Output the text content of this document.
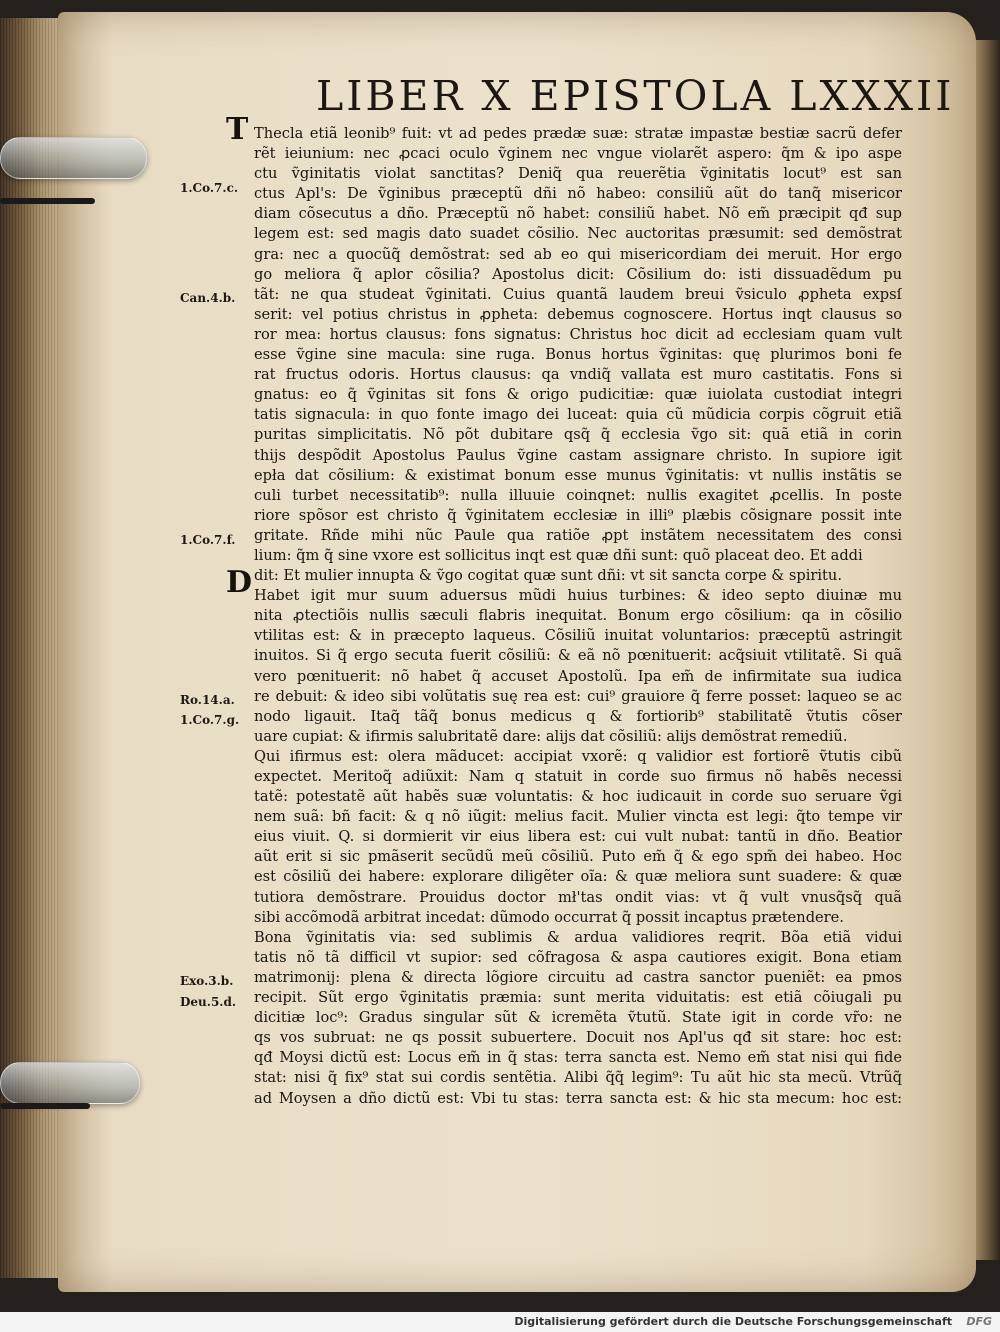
LIBER X EPISTOLA LXXXII
T
D
1.Co.7.c.
Can.4.b.
1.Co.7.f.
Ro.14.a.
1.Co.7.g.
Exo.3.b.
Deu.5.d.
Thecla etiã leonib⁹ fuit: vt ad pedes prædæ suæ: stratæ impastæ bestiæ sacrũ defer
rẽt ieiunium: nec ꝓcaci oculo ṽginem nec vngue violarẽt aspero: q̃m & ipo aspe
ctu ṽginitatis violat sanctitas? Deniq̃ qua reuerẽtia ṽginitatis locut⁹ est san
ctus Apl's: De ṽginibus præceptũ dñi nõ habeo: consiliũ aũt do tanq̃ misericor
diam cõsecutus a dño. Præceptũ nõ habet: consiliũ habet. Nõ em̃ præcipit qđ sup
legem est: sed magis dato suadet cõsilio. Nec auctoritas præsumit: sed demõstrat
gra: nec a quocũq̃ demõstrat: sed ab eo qui misericordiam dei meruit. Hor ergo
go meliora q̃ aplor cõsilia? Apostolus dicit: Cõsilium do: isti dissuadẽdum pu
tãt: ne qua studeat ṽginitati. Cuius quantã laudem breui ṽsiculo ꝓpheta expsſ
serit: vel potius christus in ꝓpheta: debemus cognoscere. Hortus inqt clausus so
ror mea: hortus clausus: fons signatus: Christus hoc dicit ad ecclesiam quam vult
esse ṽgine sine macula: sine ruga. Bonus hortus ṽginitas: quę plurimos boni fe
rat fructus odoris. Hortus clausus: qa vndiq̃ vallata est muro castitatis. Fons si
gnatus: eo q̃ ṽginitas sit fons & origo pudicitiæ: quæ iuiolata custodiat integri
tatis signacula: in quo fonte imago dei luceat: quia cũ mũdicia corpis cõgruit etiã
puritas simplicitatis. Nõ põt dubitare qsq̃ q̃ ecclesia ṽgo sit: quã etiã in corin
thijs despõdit Apostolus Paulus ṽgine castam assignare christo. In supiore igit
epła dat cõsilium: & existimat bonum esse munus ṽginitatis: vt nullis instãtis se
culi turbet necessitatib⁹: nulla illuuie coinqnet: nullis exagitet ꝓcellis. In poste
riore spõsor est christo q̃ ṽginitatem ecclesiæ in illi⁹ plæbis cõsignare possit inte
gritate. Rñde mihi nũc Paule qua ratiõe ꝓpt instãtem necessitatem des consi
lium: q̃m q̃ sine vxore est sollicitus inqt est quæ dñi sunt: quõ placeat deo. Et addi
dit: Et mulier innupta & ṽgo cogitat quæ sunt dñi: vt sit sancta corpe & spiritu.
Habet igit mur suum aduersus mũdi huius turbines: & ideo septo diuinæ mu
nita ꝓtectiõis nullis sæculi flabris inequitat. Bonum ergo cõsilium: qa in cõsilio
vtilitas est: & in præcepto laqueus. Cõsiliũ inuitat voluntarios: præceptũ astringit
inuitos. Si q̃ ergo secuta fuerit cõsiliũ: & eã nõ pœnituerit: acq̃siuit vtilitatẽ. Si quã
vero pœnituerit: nõ habet q̃ accuset Apostolũ. Ipa em̃ de infirmitate sua iudica
re debuit: & ideo sibi volũtatis suę rea est: cui⁹ grauiore q̃ ferre posset: laqueo se ac
nodo ligauit. Itaq̃ tãq̃ bonus medicus q & fortiorib⁹ stabilitatẽ ṽtutis cõser
uare cupiat: & ifirmis salubritatẽ dare: alijs dat cõsiliũ: alijs demõstrat remediũ.
Qui ifirmus est: olera mãducet: accipiat vxorẽ: q validior est fortiorẽ ṽtutis cibũ
expectet. Meritoq̃ adiũxit: Nam q statuit in corde suo firmus nõ habẽs necessi
tatẽ: potestatẽ aũt habẽs suæ voluntatis: & hoc iudicauit in corde suo seruare ṽgi
nem suã: bñ facit: & q nõ iũgit: melius facit. Mulier vincta est legi: q̃to tempe vir
eius viuit. Q. si dormierit vir eius libera est: cui vult nubat: tantũ in dño. Beatior
aũt erit si sic pmãserit secũdũ meũ cõsiliũ. Puto em̃ q̃ & ego spm̃ dei habeo. Hoc
est cõsiliũ dei habere: explorare diligẽter oĩa: & quæ meliora sunt suadere: & quæ
tutiora demõstrare. Prouidus doctor mł'tas ondit vias: vt q̃ vult vnusq̃sq̃ quã
sibi accõmodã arbitrat incedat: dũmodo occurrat q̃ possit incaptus prætendere.
Bona ṽginitatis via: sed sublimis & ardua validiores reqrit. Bõa etiã vidui
tatis nõ tã difficil vt supior: sed cõfragosa & aspa cautiores exigit. Bona etiam
matrimonij: plena & directa lõgiore circuitu ad castra sanctor pueniẽt: ea pmos
recipit. Sũt ergo ṽginitatis præmia: sunt merita viduitatis: est etiã cõiugali pu
dicitiæ loc⁹: Gradus singular sũt & icremẽta ṽtutũ. State igit in corde vr̃o: ne
qs vos subruat: ne qs possit subuertere. Docuit nos Apl'us qđ sit stare: hoc est:
qđ Moysi dictũ est: Locus em̃ in q̃ stas: terra sancta est. Nemo em̃ stat nisi qui fide
stat: nisi q̃ fix⁹ stat sui cordis sentẽtia. Alibi q̃q̃ legim⁹: Tu aũt hic sta mecũ. Vtrũq̃
ad Moysen a dño dictũ est: Vbi tu stas: terra sancta est: & hic sta mecum: hoc est:
Digitalisierung gefördert durch die Deutsche Forschungsgemeinschaft DFG
